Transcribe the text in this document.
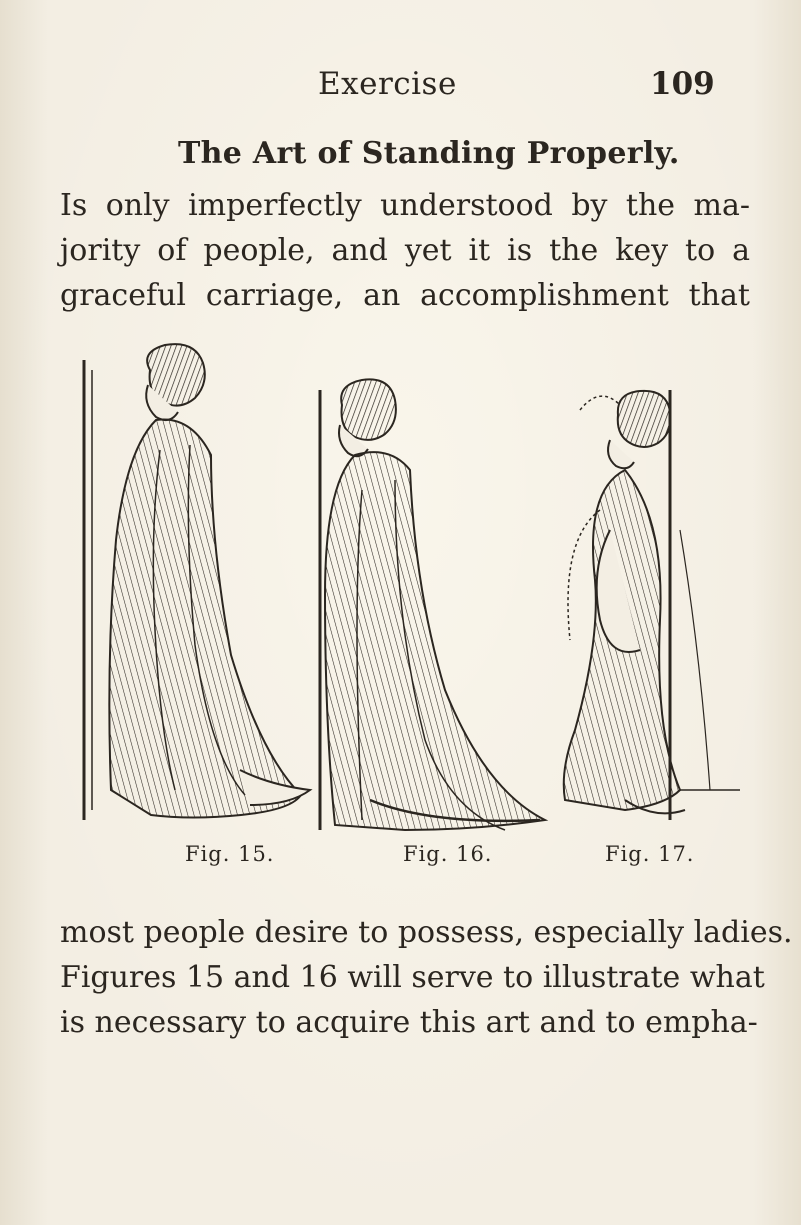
Exercise	109
The Art of Standing Properly.

Is only imperfectly understood by the ma-
jority of people, and yet it is the key to a
graceful carriage, an accomplishment that

Fig. 15.	Fig. 16.	Fig. 17.

most people desire to possess, especially ladies.
Figures 15 and 16 will serve to illustrate what
is necessary to acquire this art and to empha-
